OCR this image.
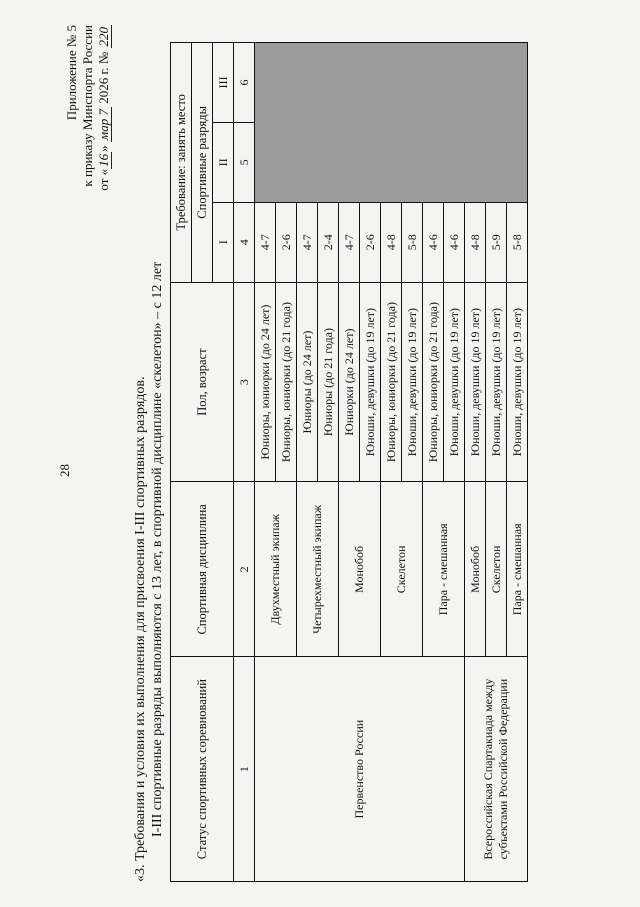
28
Приложение № 5 к приказу Минспорта России от «16» мар 7 2026 г. № 220
«3. Требования и условия их выполнения для присвоения I-III спортивных разрядов. I-III спортивные разряды выполняются с 13 лет, в спортивной дисциплине «скелетон» – с 12 лет Статус спортивных соревнований	Спортивная дисциплина	Пол, возраст	Требование: занять место		
			Спортивные разряды		
			I	II	III
1	2	3	4	5	6
Первенство России	Двухместный экипаж	Юниоры, юниорки (до 24 лет)	4-7		
		Юниоры, юниорки (до 21 года)	2-6		
	Четырехместный экипаж	Юниоры (до 24 лет)	4-7		
		Юниоры (до 21 года)	2-4		
	Монобоб	Юниорки (до 24 лет)	4-7		
		Юноши, девушки (до 19 лет)	2-6		
	Скелетон	Юниоры, юниорки (до 21 года)	4-8		
		Юноши, девушки (до 19 лет)	5-8		
	Пара - смешанная	Юниоры, юниорки (до 21 года)	4-6		
		Юноши, девушки (до 19 лет)	4-6		
Всероссийская Спартакиада между субъектами Российской Федерации	Монобоб	Юноши, девушки (до 19 лет)	4-8		
	Скелетон	Юноши, девушки (до 19 лет)	5-9		
	Пара - смешанная	Юноши, девушки (до 19 лет)	5-8		
